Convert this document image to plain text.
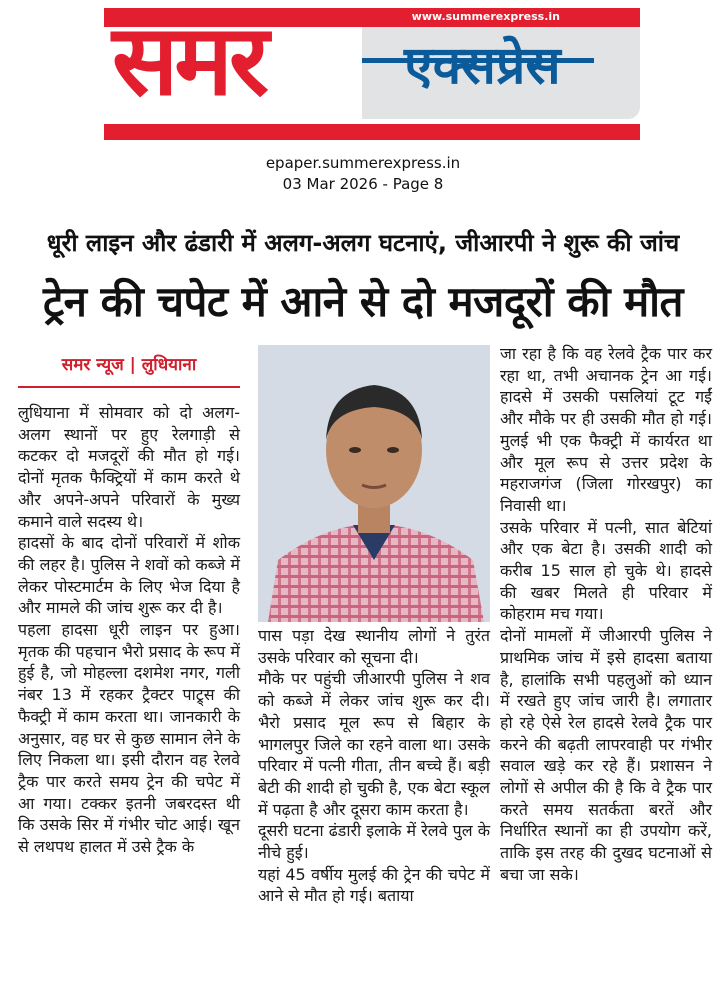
www.summerexpress.in
समर	एक्सप्रेस
epaper.summerexpress.in
03 Mar 2026 - Page 8
धूरी लाइन और ढंडारी में अलग-अलग घटनाएं, जीआरपी ने शुरू की जांच
ट्रेन की चपेट में आने से दो मजदूरों की मौत
समर न्यूज | लुधियाना

लुधियाना में सोमवार को दो अलग-अलग स्थानों पर हुए रेलगाड़ी से कटकर दो मजदूरों की मौत हो गई। दोनों मृतक फैक्ट्रियों में काम करते थे और अपने-अपने परिवारों के मुख्य कमाने वाले सदस्य थे।

हादसों के बाद दोनों परिवारों में शोक की लहर है। पुलिस ने शवों को कब्जे में लेकर पोस्टमार्टम के लिए भेज दिया है और मामले की जांच शुरू कर दी है।

पहला हादसा धूरी लाइन पर हुआ। मृतक की पहचान भैरो प्रसाद के रूप में हुई है, जो मोहल्ला दशमेश नगर, गली नंबर 13 में रहकर ट्रैक्टर पाट्र्स की फैक्ट्री में काम करता था। जानकारी के अनुसार, वह घर से कुछ सामान लेने के लिए निकला था। इसी दौरान वह रेलवे ट्रैक पार करते समय ट्रेन की चपेट में आ गया। टक्कर इतनी जबरदस्त थी कि उसके सिर में गंभीर चोट आई। खून से लथपथ हालत में उसे ट्रैक के

पास पड़ा देख स्थानीय लोगों ने तुरंत उसके परिवार को सूचना दी।

मौके पर पहुंची जीआरपी पुलिस ने शव को कब्जे में लेकर जांच शुरू कर दी। भैरो प्रसाद मूल रूप से बिहार के भागलपुर जिले का रहने वाला था। उसके परिवार में पत्नी गीता, तीन बच्चे हैं। बड़ी बेटी की शादी हो चुकी है, एक बेटा स्कूल में पढ़ता है और दूसरा काम करता है।

दूसरी घटना ढंडारी इलाके में रेलवे पुल के नीचे हुई।

यहां 45 वर्षीय मुलई की ट्रेन की चपेट में आने से मौत हो गई। बताया

जा रहा है कि वह रेलवे ट्रैक पार कर रहा था, तभी अचानक ट्रेन आ गई। हादसे में उसकी पसलियां टूट गईं और मौके पर ही उसकी मौत हो गई। मुलई भी एक फैक्ट्री में कार्यरत था और मूल रूप से उत्तर प्रदेश के महराजगंज (जिला गोरखपुर) का निवासी था।

उसके परिवार में पत्नी, सात बेटियां और एक बेटा है। उसकी शादी को करीब 15 साल हो चुके थे। हादसे की खबर मिलते ही परिवार में कोहराम मच गया।

दोनों मामलों में जीआरपी पुलिस ने प्राथमिक जांच में इसे हादसा बताया है, हालांकि सभी पहलुओं को ध्यान में रखते हुए जांच जारी है। लगातार हो रहे ऐसे रेल हादसे रेलवे ट्रैक पार करने की बढ़ती लापरवाही पर गंभीर सवाल खड़े कर रहे हैं। प्रशासन ने लोगों से अपील की है कि वे ट्रैक पार करते समय सतर्कता बरतें और निर्धारित स्थानों का ही उपयोग करें, ताकि इस तरह की दुखद घटनाओं से बचा जा सके।
